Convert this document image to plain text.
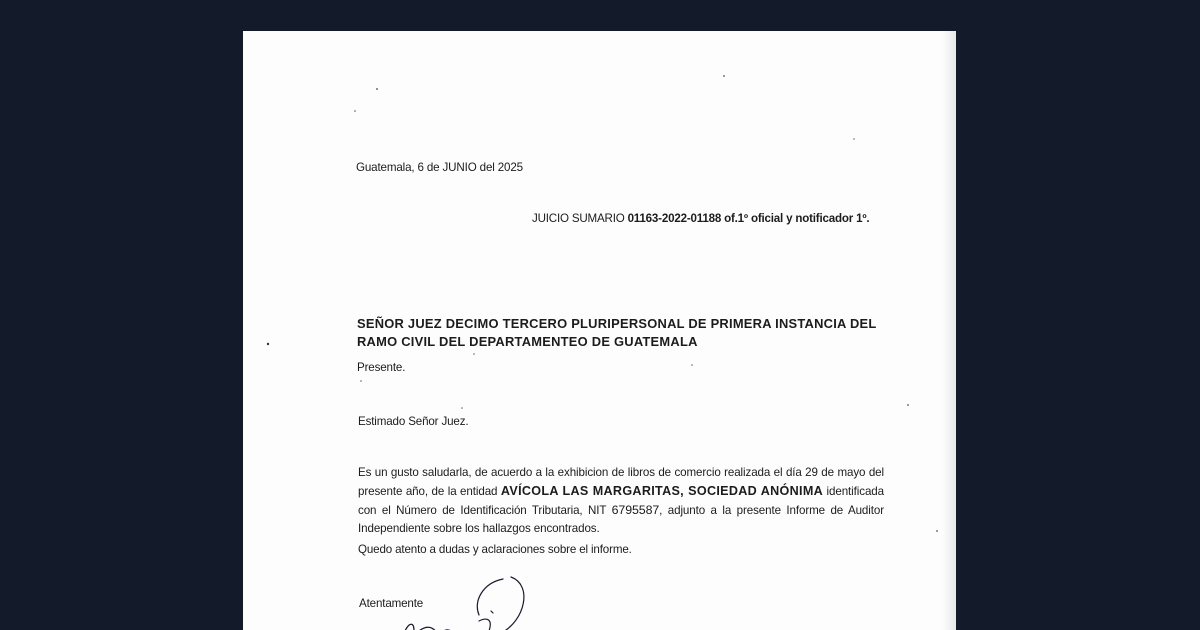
Guatemala, 6 de JUNIO del 2025
JUICIO SUMARIO 01163-2022-01188 of.1º oficial y notificador 1º.
SEÑOR JUEZ DECIMO TERCERO PLURIPERSONAL DE PRIMERA INSTANCIA DEL
RAMO CIVIL DEL DEPARTAMENTEO DE GUATEMALA
Presente.
Estimado Señor Juez.
Es un gusto saludarla, de acuerdo a la exhibicion de libros de comercio realizada el día 29 de mayo del presente año, de la entidad AVÍCOLA LAS MARGARITAS, SOCIEDAD ANÓNIMA identificada con el Número de Identificación Tributaria, NIT 6795587, adjunto a la presente Informe de Auditor Independiente sobre los hallazgos encontrados.
Quedo atento a dudas y aclaraciones sobre el informe.
Atentamente
